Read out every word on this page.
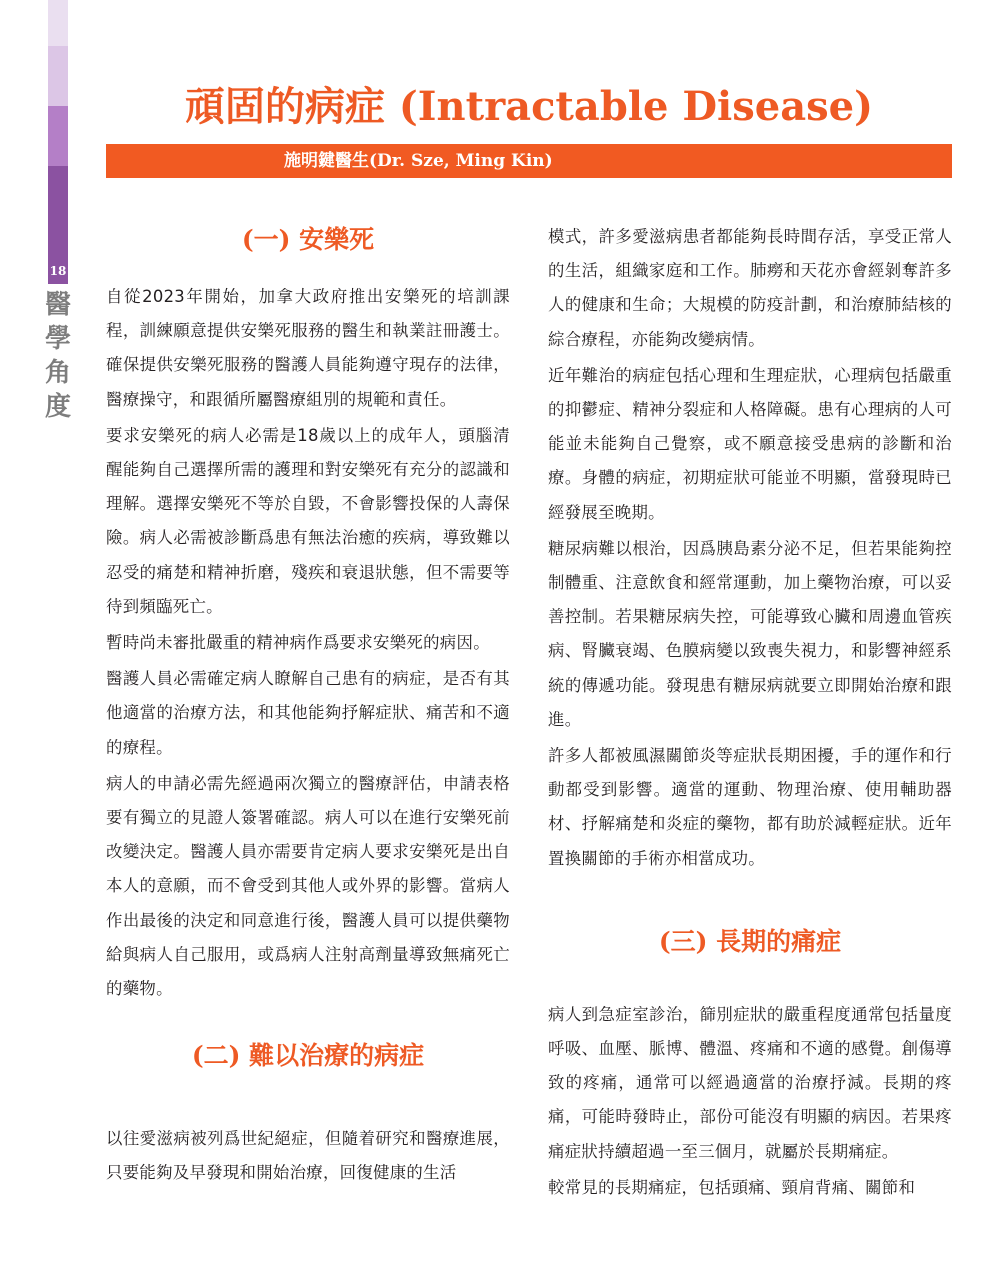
18
醫學角度
頑固的病症 (Intractable Disease)
施明鍵醫生(Dr. Sze, Ming Kin)
(一) 安樂死

自從2023年開始，加拿大政府推出安樂死的培訓課程，訓練願意提供安樂死服務的醫生和執業註冊護士。確保提供安樂死服務的醫護人員能夠遵守現存的法律，醫療操守，和跟循所屬醫療組別的規範和責任。

要求安樂死的病人必需是18歲以上的成年人，頭腦清醒能夠自己選擇所需的護理和對安樂死有充分的認識和理解。選擇安樂死不等於自毀，不會影響投保的人壽保險。病人必需被診斷爲患有無法治癒的疾病，導致難以忍受的痛楚和精神折磨，殘疾和衰退狀態，但不需要等待到頻臨死亡。

暫時尚未審批嚴重的精神病作爲要求安樂死的病因。

醫護人員必需確定病人瞭解自己患有的病症，是否有其他適當的治療方法，和其他能夠抒解症狀、痛苦和不適的療程。

病人的申請必需先經過兩次獨立的醫療評估，申請表格要有獨立的見證人簽署確認。病人可以在進行安樂死前改變決定。醫護人員亦需要肯定病人要求安樂死是出自本人的意願，而不會受到其他人或外界的影響。當病人作出最後的決定和同意進行後，醫護人員可以提供藥物給與病人自己服用，或爲病人注射高劑量導致無痛死亡的藥物。

(二) 難以治療的病症

以往愛滋病被列爲世紀絕症，但隨着研究和醫療進展，只要能夠及早發現和開始治療，回復健康的生活

模式，許多愛滋病患者都能夠長時間存活，享受正常人的生活，組織家庭和工作。肺癆和天花亦會經剝奪許多人的健康和生命；大規模的防疫計劃，和治療肺結核的綜合療程，亦能夠改變病情。

近年難治的病症包括心理和生理症狀，心理病包括嚴重的抑鬱症、精神分裂症和人格障礙。患有心理病的人可能並未能夠自己覺察，或不願意接受患病的診斷和治療。身體的病症，初期症狀可能並不明顯，當發現時已經發展至晚期。

糖尿病難以根治，因爲胰島素分泌不足，但若果能夠控制體重、注意飲食和經常運動，加上藥物治療，可以妥善控制。若果糖尿病失控，可能導致心臟和周邊血管疾病、腎臟衰竭、色膜病變以致喪失視力，和影響神經系統的傳遞功能。發現患有糖尿病就要立即開始治療和跟進。

許多人都被風濕關節炎等症狀長期困擾，手的運作和行動都受到影響。適當的運動、物理治療、使用輔助器材、抒解痛楚和炎症的藥物，都有助於減輕症狀。近年置換關節的手術亦相當成功。

(三) 長期的痛症

病人到急症室診治，篩別症狀的嚴重程度通常包括量度呼吸、血壓、脈博、體溫、疼痛和不適的感覺。創傷導致的疼痛，通常可以經過適當的治療抒減。長期的疼痛，可能時發時止，部份可能沒有明顯的病因。若果疼痛症狀持續超過一至三個月，就屬於長期痛症。

較常見的長期痛症，包括頭痛、頸肩背痛、關節和
